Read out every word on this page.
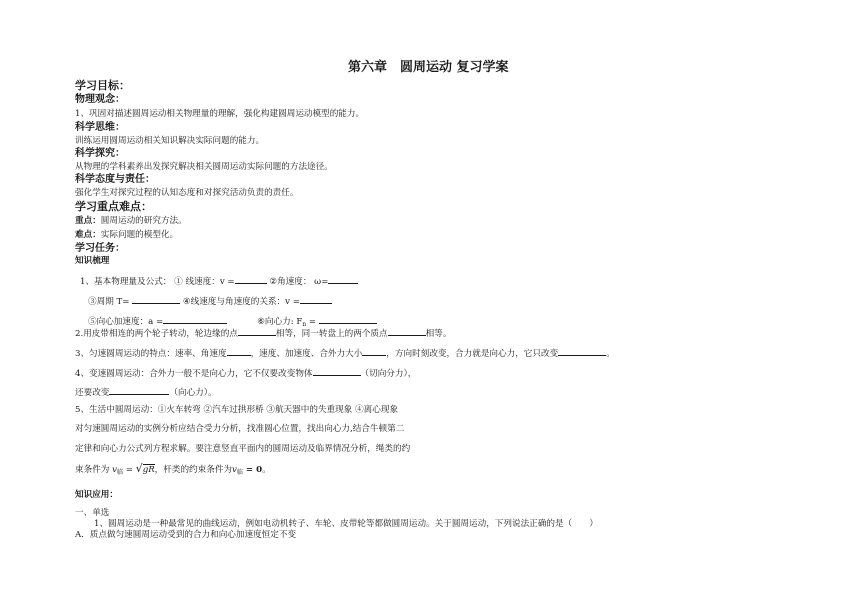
第六章　圆周运动 复习学案
学习目标：
物理观念：
1、巩固对描述圆周运动相关物理量的理解，强化构建圆周运动模型的能力。
科学思维：
训练运用圆周运动相关知识解决实际问题的能力。
科学探究：
从物理的学科素养出发探究解决相关圆周运动实际问题的方法途径。
科学态度与责任：
强化学生对探究过程的认知态度和对探究活动负责的责任。
学习重点难点：
重点：圆周运动的研究方法。
难点：实际问题的模型化。
学习任务：
知识梳理
1、基本物理量及公式： ① 线速度：v =	②角速度： ω=
③周期 T=	④线速度与角速度的关系：v =
⑤向心加速度：a =	⑥向心力: $F_n$ =
2.用皮带相连的两个轮子转动，轮边缘的点	相等，同一转盘上的两个质点	相等。
3、匀速圆周运动的特点：速率、角速度	，速度、加速度、合外力大小	，方向时刻改变，合力就是向心力，它只改变	。
4、变速圆周运动：合外力一般不是向心力，它不仅要改变物体	（切向分力），
还要改变	（向心力）。
5、生活中圆周运动：①火车转弯 ②汽车过拱形桥 ③航天器中的失重现象 ④离心现象
对匀速圆周运动的实例分析应结合受力分析，找准圆心位置，找出向心力,结合牛顿第二
定律和向心力公式列方程求解。要注意竖直平面内的圆周运动及临界情况分析，绳类的约
束条件为 $v_临 = √gR$，杆类的约束条件为$v_临 = 0$。
知识应用：
一、单选
1、圆周运动是一种最常见的曲线运动，例如电动机转子、车轮、皮带轮等都做圆周运动。关于圆周运动，下列说法正确的是（　　）
A．质点做匀速圆周运动受到的合力和向心加速度恒定不变
